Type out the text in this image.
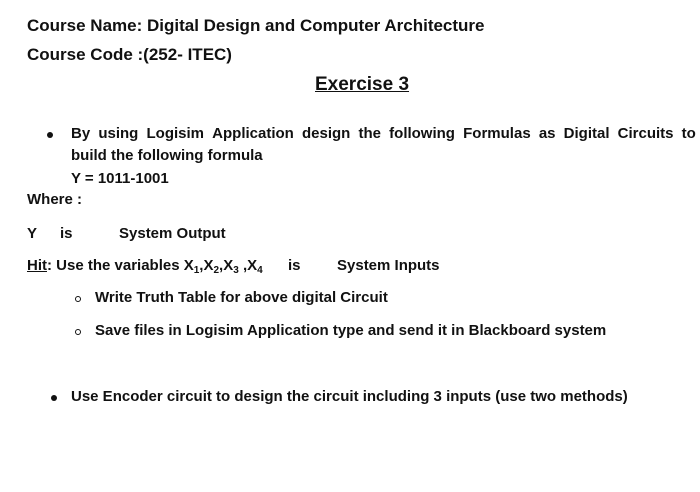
Course Name: Digital Design and Computer Architecture
Course Code :(252- ITEC)
Exercise 3
By using Logisim Application design the following Formulas as Digital Circuits to
build the following formula
Y = 1011-1001
Where :
Y is	System Output
Hit: Use the variables $X_1,X_2,X_3$ $,X_4$ is System Inputs
Write Truth Table for above digital Circuit
Save files in Logisim Application type and send it in Blackboard system
Use Encoder circuit to design the circuit including 3 inputs (use two methods)
